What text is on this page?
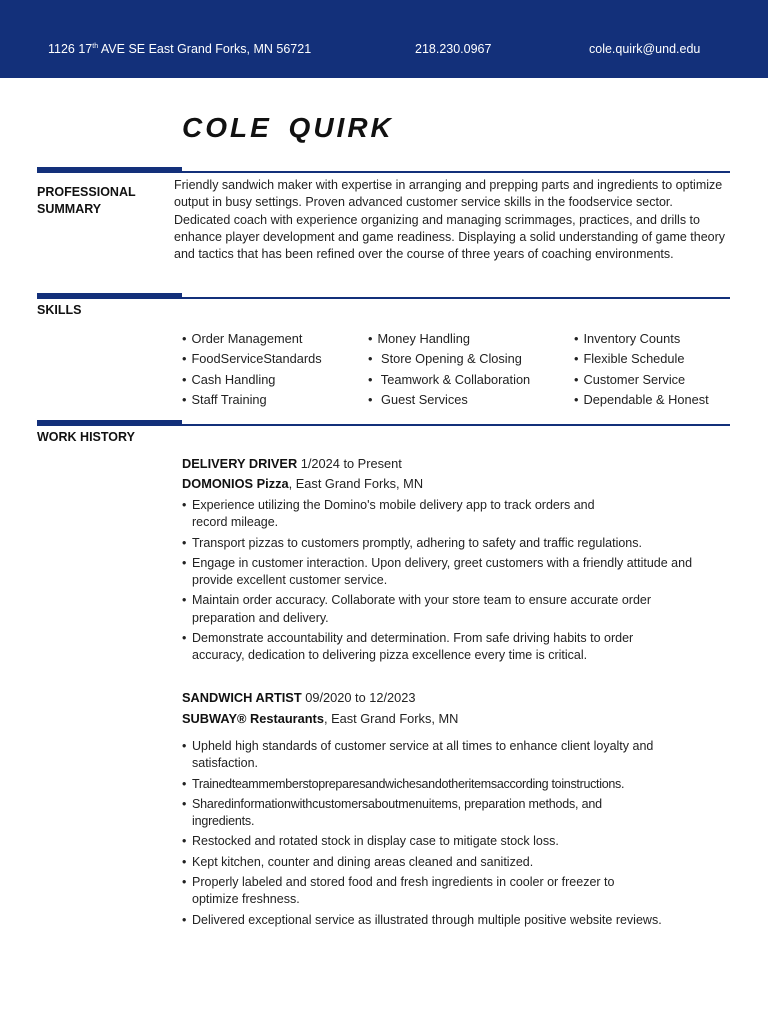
1126 17th AVE SE East Grand Forks, MN 56721	218.230.0967	cole.quirk@und.edu
COLE QUIRK
PROFESSIONAL
SUMMARY
Friendly sandwich maker with expertise in arranging and prepping parts and ingredients to optimize output in busy settings. Proven advanced customer service skills in the foodservice sector. Dedicated coach with experience organizing and managing scrimmages, practices, and drills to enhance player development and game readiness. Displaying a solid understanding of game theory and tactics that has been refined over the course of three years of coaching environments.
SKILLS
• Order Management
• FoodServiceStandards
• Cash Handling
• Staff Training
• Money Handling
• Store Opening & Closing
• Teamwork & Collaboration
• Guest Services
• Inventory Counts
• Flexible Schedule
• Customer Service
• Dependable & Honest
WORK HISTORY
DELIVERY DRIVER 1/2024 to Present
DOMONIOS Pizza, East Grand Forks, MN
• Experience utilizing the Domino's mobile delivery app to track orders and record mileage.
• Transport pizzas to customers promptly, adhering to safety and traffic regulations.
• Engage in customer interaction. Upon delivery, greet customers with a friendly attitude and provide excellent customer service.
• Maintain order accuracy. Collaborate with your store team to ensure accurate order preparation and delivery.
• Demonstrate accountability and determination. From safe driving habits to order accuracy, dedication to delivering pizza excellence every time is critical.
SANDWICH ARTIST 09/2020 to 12/2023
SUBWAY® Restaurants, East Grand Forks, MN
• Upheld high standards of customer service at all times to enhance client loyalty and satisfaction.
• Trainedteammemberstopreparesandwichesandotheritemsaccording toinstructions.
• Sharedinformationwithcustomersaboutmenuitems, preparation methods, and ingredients.
• Restocked and rotated stock in display case to mitigate stock loss.
• Kept kitchen, counter and dining areas cleaned and sanitized.
• Properly labeled and stored food and fresh ingredients in cooler or freezer to optimize freshness.
• Delivered exceptional service as illustrated through multiple positive website reviews.
